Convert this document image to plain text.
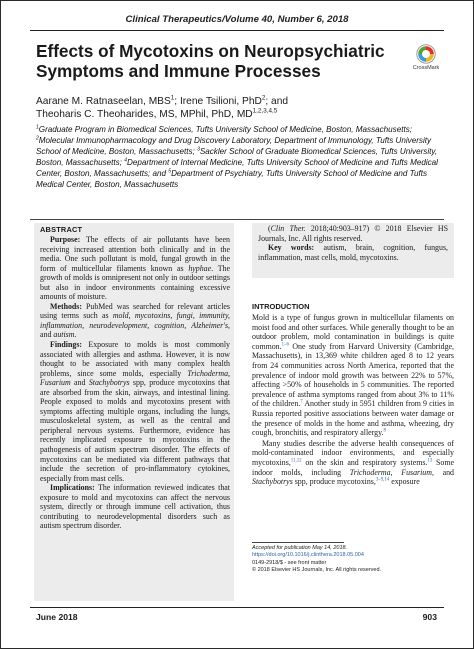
Clinical Therapeutics/Volume 40, Number 6, 2018
Effects of Mycotoxins on Neuropsychiatric Symptoms and Immune Processes	CrossMark
Aarane M. Ratnaseelan, MBS$^1$; Irene Tsilioni, PhD$^2$; and
Theoharis C. Theoharides, MS, MPhil, PhD, MD$^{1,2,3,4,5}$
$^1$Graduate Program in Biomedical Sciences, Tufts University School of Medicine, Boston, Massachusetts; $^2$Molecular Immunopharmacology and Drug Discovery Laboratory, Department of Immunology, Tufts University School of Medicine, Boston, Massachusetts; $^3$Sackler School of Graduate Biomedical Sciences, Tufts University, Boston, Massachusetts; $^4$Department of Internal Medicine, Tufts University School of Medicine and Tufts Medical Center, Boston, Massachusetts; and $^5$Department of Psychiatry, Tufts University School of Medicine and Tufts Medical Center, Boston, Massachusetts
ABSTRACT

Purpose: The effects of air pollutants have been receiving increased attention both clinically and in the media. One such pollutant is mold, fungal growth in the form of multicellular filaments known as hyphae. The growth of molds is omnipresent not only in outdoor settings but also in indoor environments containing excessive amounts of moisture.

Methods: PubMed was searched for relevant articles using terms such as mold, mycotoxins, fungi, immunity, inflammation, neurodevelopment, cognition, Alzheimer's, and autism.

Findings: Exposure to molds is most commonly associated with allergies and asthma. However, it is now thought to be associated with many complex health problems, since some molds, especially Trichoderma, Fusarium and Stachybotrys spp, produce mycotoxins that are absorbed from the skin, airways, and intestinal lining. People exposed to molds and mycotoxins present with symptoms affecting multiple organs, including the lungs, musculoskeletal system, as well as the central and peripheral nervous systems. Furthermore, evidence has recently implicated exposure to mycotoxins in the pathogenesis of autism spectrum disorder. The effects of mycotoxins can be mediated via different pathways that include the secretion of pro-inflammatory cytokines, especially from mast cells.

Implications: The information reviewed indicates that exposure to mold and mycotoxins can affect the nervous system, directly or through immune cell activation, thus contributing to neurodevelopmental disorders such as autism spectrum disorder.

(Clin Ther. 2018;40:903–917) © 2018 Elsevier HS Journals, Inc. All rights reserved.

Key words: autism, brain, cognition, fungus, inflammation, mast cells, mold, mycotoxins.

INTRODUCTION

Mold is a type of fungus grown in multicellular filaments on moist food and other surfaces. While generally thought to be an outdoor problem, mold contamination in buildings is quite common.$^{1-6}$ One study from Harvard University (Cambridge, Massachusetts), in 13,369 white children aged 8 to 12 years from 24 communities across North America, reported that the prevalence of indoor mold growth was between 22% to 57%, affecting >50% of households in 5 communities. The reported prevalence of asthma symptoms ranged from about 3% to 11% of the children.$^7$ Another study in 5951 children from 9 cities in Russia reported positive associations between water damage or the presence of molds in the home and asthma, wheezing, dry cough, bronchitis, and respiratory allergy.$^8$

Many studies describe the adverse health consequences of mold-contaminated indoor environments, and especially mycotoxins,$^{11,12}$ on the skin and respiratory systems.$^{13}$ Some indoor molds, including Trichoderma, Fusarium, and Stachybotrys spp, produce mycotoxins,$^{3-9,14}$ exposure

Accepted for publication May 14, 2018.
https://doi.org/10.1016/j.clinthera.2018.05.004
0149-2918/$ - see front matter
© 2018 Elsevier HS Journals, Inc. All rights reserved.
June 2018	903
